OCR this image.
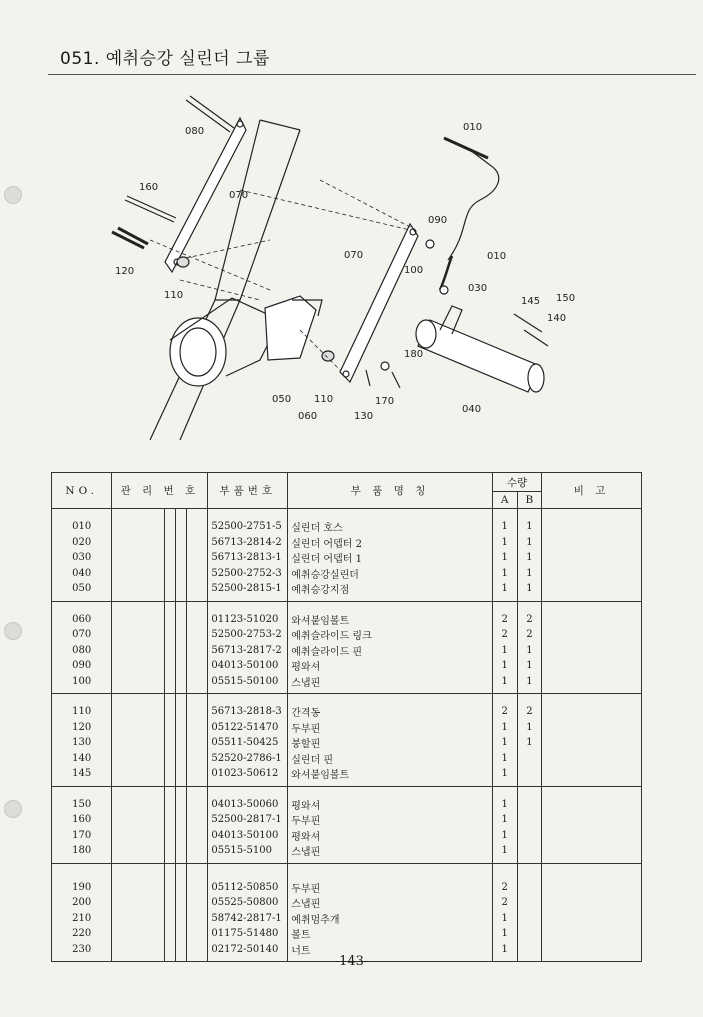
051. 예취승강 실린더 그룹
010
080
160
070
090
070	010
100
120
030
110
145 150
140
180
050 110	170
040
060	130
NO.	관 리 번 호				부품번호	부 품 명 칭	수량		비 고
							A	B	
010					52500-2751-5	실린더 호스	1	1	
020					56713-2814-2	실린더 어뎁터 2	1	1	
030					56713-2813-1	실린더 어뎁터 1	1	1	
040					52500-2752-3	예취승강실린더	1	1	
050					52500-2815-1	예취승강지점	1	1	
060					01123-51020	와셔붙임볼트	2	2	
070					52500-2753-2	예취슬라이드 링크	2	2	
080					56713-2817-2	예취슬라이드 핀	1	1	
090					04013-50100	평와셔	1	1	
100					05515-50100	스냅핀	1	1	
110					56713-2818-3	간격동	2	2	
120					05122-51470	두부핀	1	1	
130					05511-50425	붕할핀	1	1	
140					52520-2786-1	실린더 핀	1		
145					01023-50612	와셔붙임볼트	1		
150					04013-50060	평와셔	1		
160					52500-2817-1	두부핀	1		
170					04013-50100	평와셔	1		
180					05515-5100	스냅핀	1		
190					05112-50850	두부핀	2		
200					05525-50800	스냅핀	2		
210					58742-2817-1	예취멈추개	1		
220					01175-51480	볼트	1		
230					02172-50140	너트	1		
-143-
